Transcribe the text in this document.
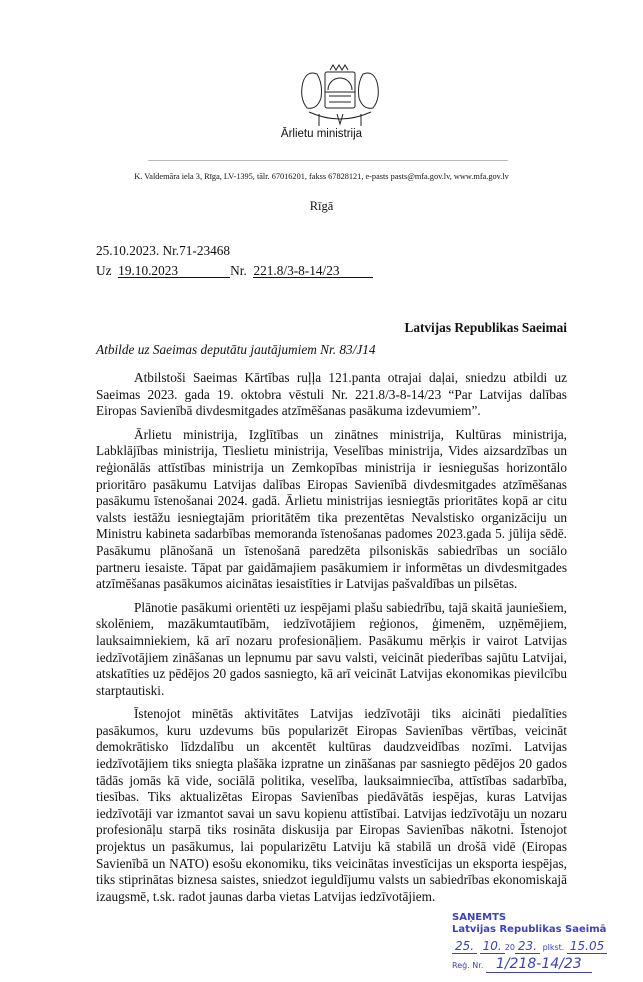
Ārlietu ministrija
K. Valdemāra iela 3, Rīga, LV-1395, tālr. 67016201, fakss 67828121, e-pasts pasts@mfa.gov.lv, www.mfa.gov.lv
Rīgā
25.10.2023. Nr.71-23468
Uz 19.10.2023	Nr. 221.8/3-8-14/23
Latvijas Republikas Saeimai
Atbilde uz Saeimas deputātu jautājumiem Nr. 83/J14

Atbilstoši Saeimas Kārtības ruļļa 121.panta otrajai daļai, sniedzu atbildi uz Saeimas 2023. gada 19. oktobra vēstuli Nr. 221.8/3-8-14/23 “Par Latvijas dalības Eiropas Savienībā divdesmitgades atzīmēšanas pasākuma izdevumiem”.

Ārlietu ministrija, Izglītības un zinātnes ministrija, Kultūras ministrija, Labklājības ministrija, Tieslietu ministrija, Veselības ministrija, Vides aizsardzības un reģionālās attīstības ministrija un Zemkopības ministrija ir iesniegušas horizontālo prioritāro pasākumu Latvijas dalības Eiropas Savienībā divdesmitgades atzīmēšanas pasākumu īstenošanai 2024. gadā. Ārlietu ministrijas iesniegtās prioritātes kopā ar citu valsts iestāžu iesniegtajām prioritātēm tika prezentētas Nevalstisko organizāciju un Ministru kabineta sadarbības memoranda īstenošanas padomes 2023.gada 5. jūlija sēdē. Pasākumu plānošanā un īstenošanā paredzēta pilsoniskās sabiedrības un sociālo partneru iesaiste. Tāpat par gaidāmajiem pasākumiem ir informētas un divdesmitgades atzīmēšanas pasākumos aicinātas iesaistīties ir Latvijas pašvaldības un pilsētas.

Plānotie pasākumi orientēti uz iespējami plašu sabiedrību, tajā skaitā jauniešiem, skolēniem, mazākumtautībām, iedzīvotājiem reģionos, ģimenēm, uzņēmējiem, lauksaimniekiem, kā arī nozaru profesionāļiem. Pasākumu mērķis ir vairot Latvijas iedzīvotājiem zināšanas un lepnumu par savu valsti, veicināt piederības sajūtu Latvijai, atskatīties uz pēdējos 20 gados sasniegto, kā arī veicināt Latvijas ekonomikas pievilcību starptautiski.

Īstenojot minētās aktivitātes Latvijas iedzīvotāji tiks aicināti piedalīties pasākumos, kuru uzdevums būs popularizēt Eiropas Savienības vērtības, veicināt demokrātisko līdzdalību un akcentēt kultūras daudzveidības nozīmi. Latvijas iedzīvotājiem tiks sniegta plašāka izpratne un zināšanas par sasniegto pēdējos 20 gados tādās jomās kā vide, sociālā politika, veselība, lauksaimniecība, attīstības sadarbība, tiesības. Tiks aktualizētas Eiropas Savienības piedāvātās iespējas, kuras Latvijas iedzīvotāji var izmantot savai un savu kopienu attīstībai. Latvijas iedzīvotāju un nozaru profesionāļu starpā tiks rosināta diskusija par Eiropas Savienības nākotni. Īstenojot projektus un pasākumus, lai popularizētu Latviju kā stabilā un drošā vidē (Eiropas Savienībā un NATO) esošu ekonomiku, tiks veicinātas investīcijas un eksporta iespējas, tiks stiprinātas biznesa saistes, sniedzot ieguldījumu valsts un sabiedrības ekonomiskajā izaugsmē, t.sk. radot jaunas darba vietas Latvijas iedzīvotājiem.

SAŅEMTS
Latvijas Republikas Saeimā
25. 10. 20 23. plkst. 15.05
Reģ. Nr. 1/218-14/23
